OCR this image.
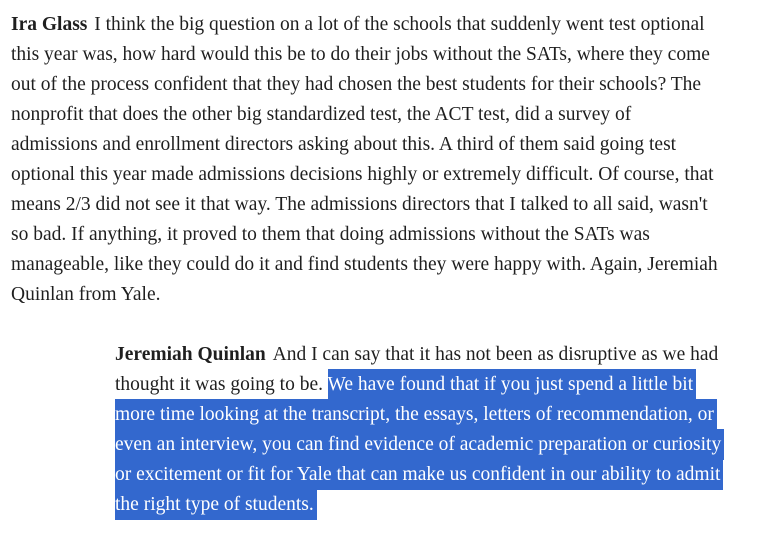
Ira Glass I think the big question on a lot of the schools that suddenly went test optional
this year was, how hard would this be to do their jobs without the SATs, where they come
out of the process confident that they had chosen the best students for their schools? The
nonprofit that does the other big standardized test, the ACT test, did a survey of
admissions and enrollment directors asking about this. A third of them said going test
optional this year made admissions decisions highly or extremely difficult. Of course, that
means 2/3 did not see it that way. The admissions directors that I talked to all said, wasn't
so bad. If anything, it proved to them that doing admissions without the SATs was
manageable, like they could do it and find students they were happy with. Again, Jeremiah
Quinlan from Yale.
Jeremiah Quinlan And I can say that it has not been as disruptive as we had
thought it was going to be. We have found that if you just spend a little bit
more time looking at the transcript, the essays, letters of recommendation, or
even an interview, you can find evidence of academic preparation or curiosity
or excitement or fit for Yale that can make us confident in our ability to admit
the right type of students.
